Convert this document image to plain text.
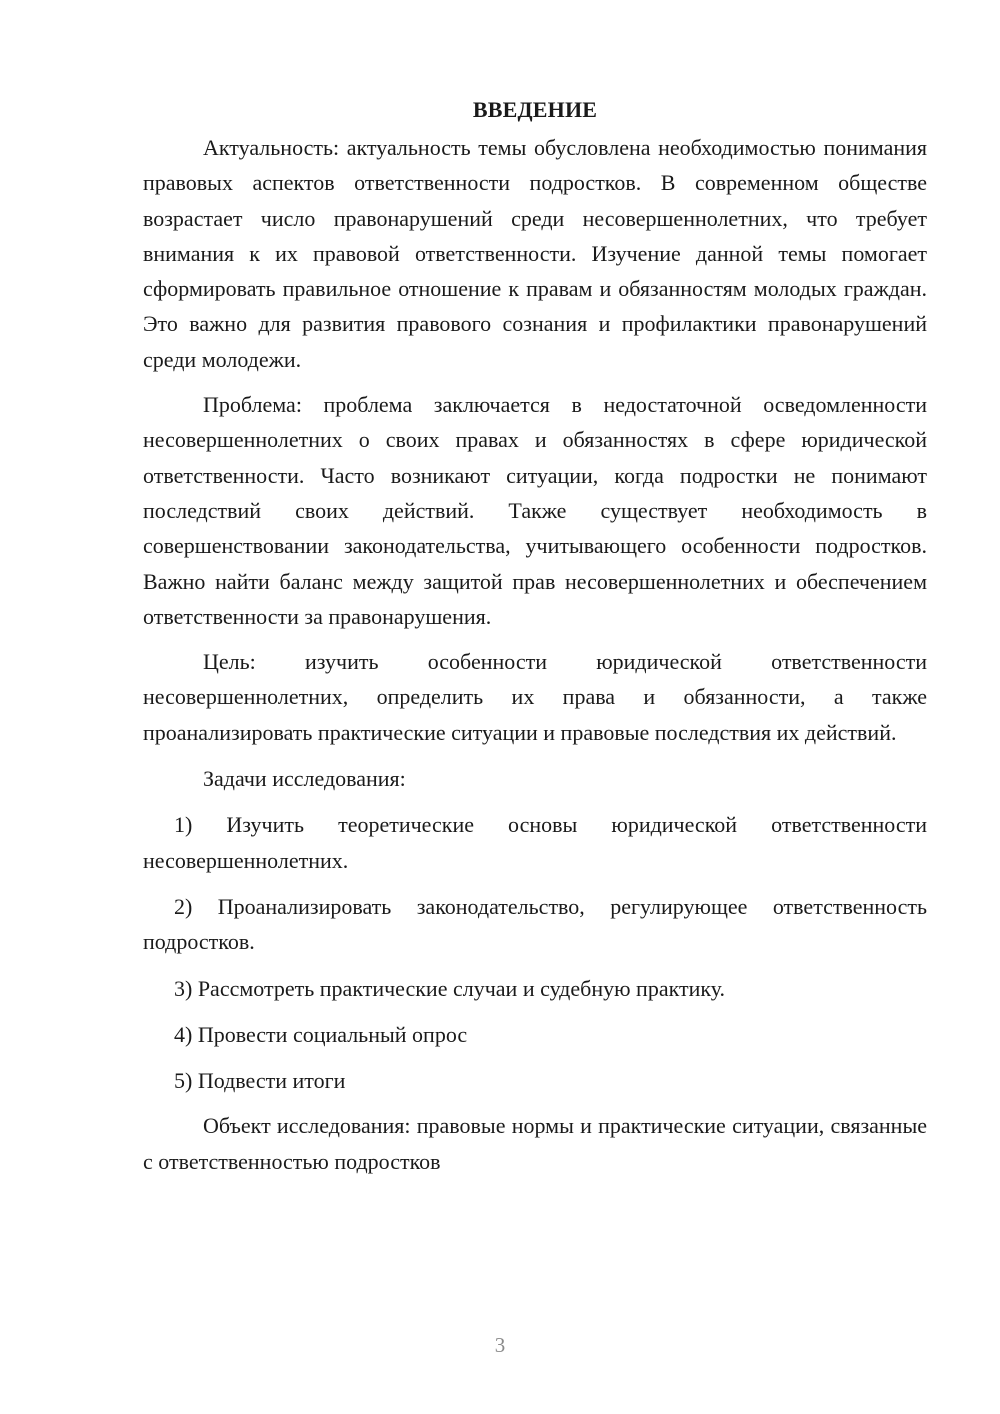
ВВЕДЕНИЕ

Актуальность: актуальность темы обусловлена необходимостью понимания правовых аспектов ответственности подростков. В современном обществе возрастает число правонарушений среди несовершеннолетних, что требует внимания к их правовой ответственности. Изучение данной темы помогает сформировать правильное отношение к правам и обязанностям молодых граждан. Это важно для развития правового сознания и профилактики правонарушений среди молодежи.

Проблема: проблема заключается в недостаточной осведомленности несовершеннолетних о своих правах и обязанностях в сфере юридической ответственности. Часто возникают ситуации, когда подростки не понимают последствий своих действий. Также существует необходимость в совершенствовании законодательства, учитывающего особенности подростков. Важно найти баланс между защитой прав несовершеннолетних и обеспечением ответственности за правонарушения.

Цель: изучить особенности юридической ответственности несовершеннолетних, определить их права и обязанности, а также проанализировать практические ситуации и правовые последствия их действий.

Задачи исследования:

1) Изучить теоретические основы юридической ответственности несовершеннолетних.

2) Проанализировать законодательство, регулирующее ответственность подростков.

3) Рассмотреть практические случаи и судебную практику.

4) Провести социальный опрос

5) Подвести итоги

Объект исследования: правовые нормы и практические ситуации, связанные с ответственностью подростков

3
